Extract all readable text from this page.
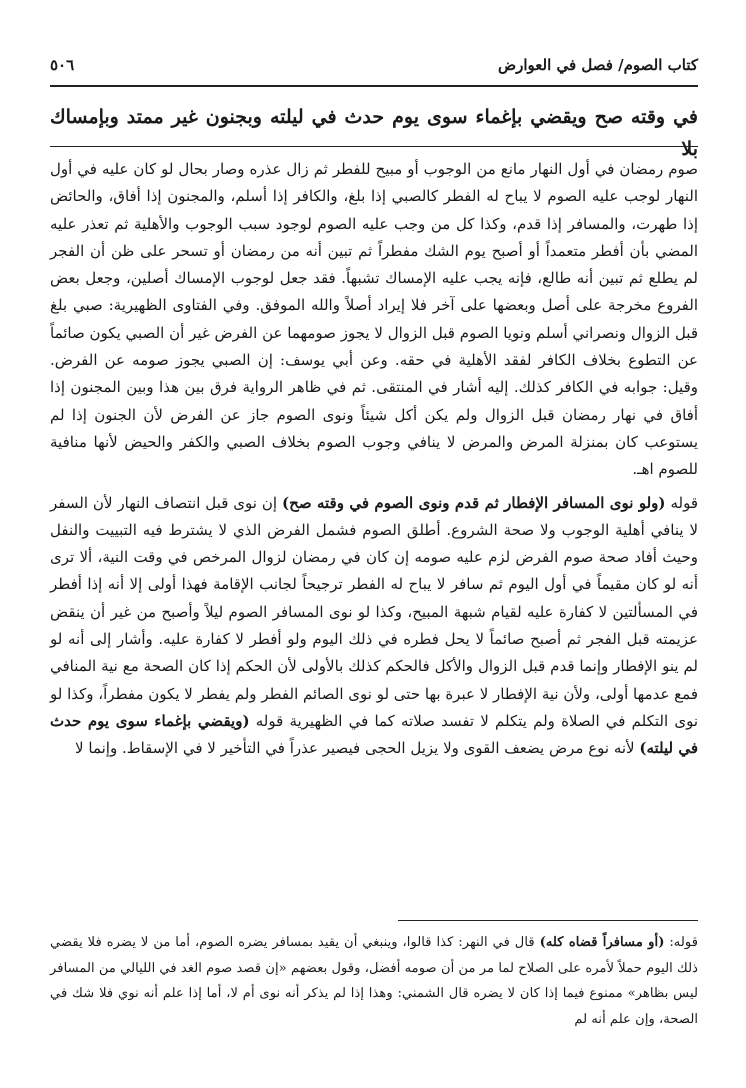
كتاب الصوم/ فصل في العوارض
٥٠٦
في وقته صح ويقضي بإغماء سوى يوم حدث في ليلته وبجنون غير ممتد وبإمساك بلا

صوم رمضان في أول النهار مانع من الوجوب أو مبيح للفطر ثم زال عذره وصار بحال لو كان عليه في أول النهار لوجب عليه الصوم لا يباح له الفطر كالصبي إذا بلغ، والكافر إذا أسلم، والمجنون إذا أفاق، والحائض إذا طهرت، والمسافر إذا قدم، وكذا كل من وجب عليه الصوم لوجود سبب الوجوب والأهلية ثم تعذر عليه المضي بأن أفطر متعمداً أو أصبح يوم الشك مفطراً ثم تبين أنه من رمضان أو تسحر على ظن أن الفجر لم يطلع ثم تبين أنه طالع، فإنه يجب عليه الإمساك تشبهاً. فقد جعل لوجوب الإمساك أصلين، وجعل بعض الفروع مخرجة على أصل وبعضها على آخر فلا إيراد أصلاً والله الموفق. وفي الفتاوى الظهيرية: صبي بلغ قبل الزوال ونصراني أسلم ونويا الصوم قبل الزوال لا يجوز صومهما عن الفرض غير أن الصبي يكون صائماً عن التطوع بخلاف الكافر لفقد الأهلية في حقه. وعن أبي يوسف: إن الصبي يجوز صومه عن الفرض. وقيل: جوابه في الكافر كذلك. إليه أشار في المنتقى. ثم في ظاهر الرواية فرق بين هذا وبين المجنون إذا أفاق في نهار رمضان قبل الزوال ولم يكن أكل شيئاً ونوى الصوم جاز عن الفرض لأن الجنون إذا لم يستوعب كان بمنزلة المرض والمرض لا ينافي وجوب الصوم بخلاف الصبي والكفر والحيض لأنها منافية للصوم اهـ.

قوله (ولو نوى المسافر الإفطار ثم قدم ونوى الصوم في وقته صح) إن نوى قبل انتصاف النهار لأن السفر لا ينافي أهلية الوجوب ولا صحة الشروع. أطلق الصوم فشمل الفرض الذي لا يشترط فيه التبييت والنفل وحيث أفاد صحة صوم الفرض لزم عليه صومه إن كان في رمضان لزوال المرخص في وقت النية، ألا ترى أنه لو كان مقيماً في أول اليوم ثم سافر لا يباح له الفطر ترجيحاً لجانب الإقامة فهذا أولى إلا أنه إذا أفطر في المسألتين لا كفارة عليه لقيام شبهة المبيح، وكذا لو نوى المسافر الصوم ليلاً وأصبح من غير أن ينقض عزيمته قبل الفجر ثم أصبح صائماً لا يحل فطره في ذلك اليوم ولو أفطر لا كفارة عليه. وأشار إلى أنه لو لم ينو الإفطار وإنما قدم قبل الزوال والأكل فالحكم كذلك بالأولى لأن الحكم إذا كان الصحة مع نية المنافي فمع عدمها أولى، ولأن نية الإفطار لا عبرة بها حتى لو نوى الصائم الفطر ولم يفطر لا يكون مفطراً، وكذا لو نوى التكلم في الصلاة ولم يتكلم لا تفسد صلاته كما في الظهيرية قوله (ويقضي بإغماء سوى يوم حدث في ليلته) لأنه نوع مرض يضعف القوى ولا يزيل الحجى فيصير عذراً في التأخير لا في الإسقاط. وإنما لا

قوله: (أو مسافراً قضاه كله) قال في النهر: كذا قالوا، وينبغي أن يقيد بمسافر يضره الصوم، أما من لا يضره فلا يقضي ذلك اليوم حملاً لأمره على الصلاح لما مر من أن صومه أفضل، وقول بعضهم «إن قصد صوم الغد في الليالي من المسافر ليس بظاهر» ممنوع فيما إذا كان لا يضره قال الشمني: وهذا إذا لم يذكر أنه نوى أم لا، أما إذا علم أنه نوي فلا شك في الصحة، وإن علم أنه لم
